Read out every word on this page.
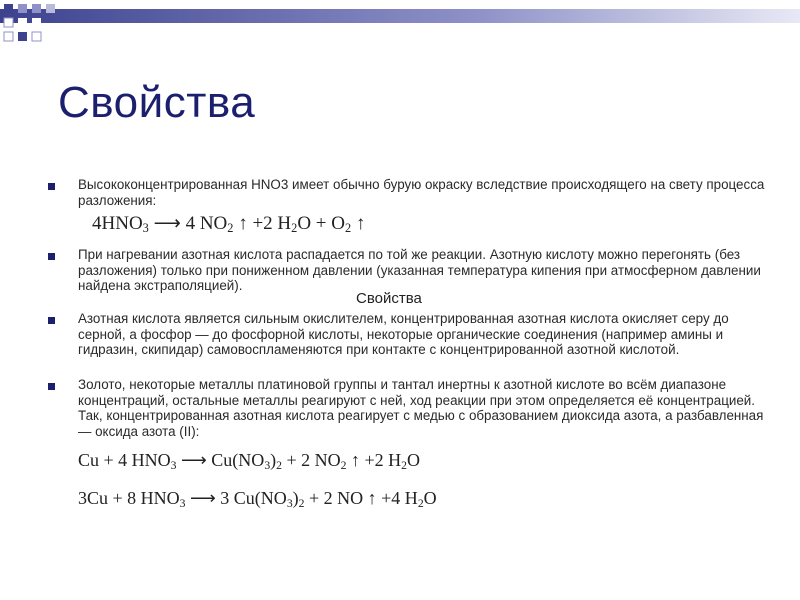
Свойства
Высококонцентрированная HNO3 имеет обычно бурую окраску вследствие происходящего на свету процесса разложения:
$4HNO_3$ ⟶ 4 $NO_2$ ↑ +2 $H_2O + O_2$ ↑
При нагревании азотная кислота распадается по той же реакции. Азотную кислоту можно перегонять (без разложения) только при пониженном давлении (указанная температура кипения при атмосферном давлении найдена экстраполяцией).
Свойства
Азотная кислота является сильным окислителем, концентрированная азотная кислота окисляет серу до серной, а фосфор — до фосфорной кислоты, некоторые органические соединения (например амины и гидразин, скипидар) самовоспламеняются при контакте с концентрированной азотной кислотой.
Золото, некоторые металлы платиновой группы и тантал инертны к азотной кислоте во всём диапазоне концентраций, остальные металлы реагируют с ней, ход реакции при этом определяется её концентрацией. Так, концентрированная азотная кислота реагирует с медью с образованием диоксида азота, а разбавленная — оксида азота (II):
Cu + 4 $HNO_3$ ⟶ $Cu(NO_3)_2 + 2$ $NO_2$ ↑ +2 $H_2O$
3Cu + 8 $HNO_3$ ⟶ 3 $Cu(NO_3)_2 + 2$ NO ↑ +4 $H_2O$
